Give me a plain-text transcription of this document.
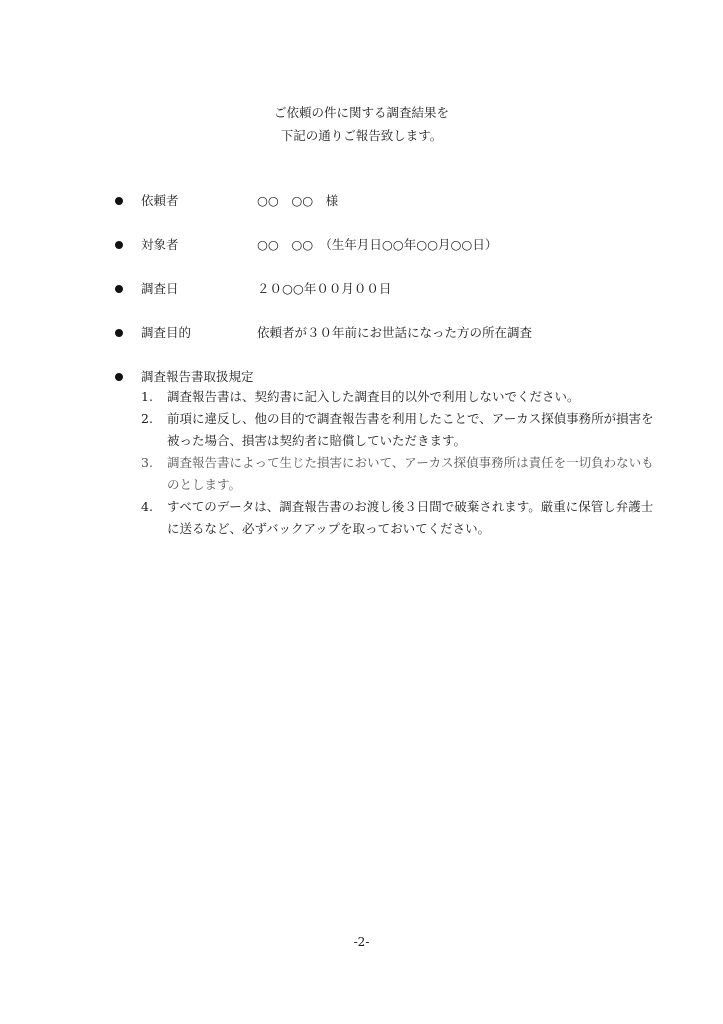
ご依頼の件に関する調査結果を
下記の通りご報告致します。
依頼者	○○　○○　様
対象者	○○　○○　（生年月日○○年○○月○○日）
調査日	２０○○年００月００日
調査目的	依頼者が３０年前にお世話になった方の所在調査
調査報告書取扱規定
1. 調査報告書は、契約書に記入した調査目的以外で利用しないでください。
2. 前項に違反し、他の目的で調査報告書を利用したことで、アーカス探偵事務所が損害を被った場合、損害は契約者に賠償していただきます。
3. 調査報告書によって生じた損害において、アーカス探偵事務所は責任を一切負わないものとします。
4. すべてのデータは、調査報告書のお渡し後３日間で破棄されます。厳重に保管し弁護士に送るなど、必ずバックアップを取っておいてください。
-2-
